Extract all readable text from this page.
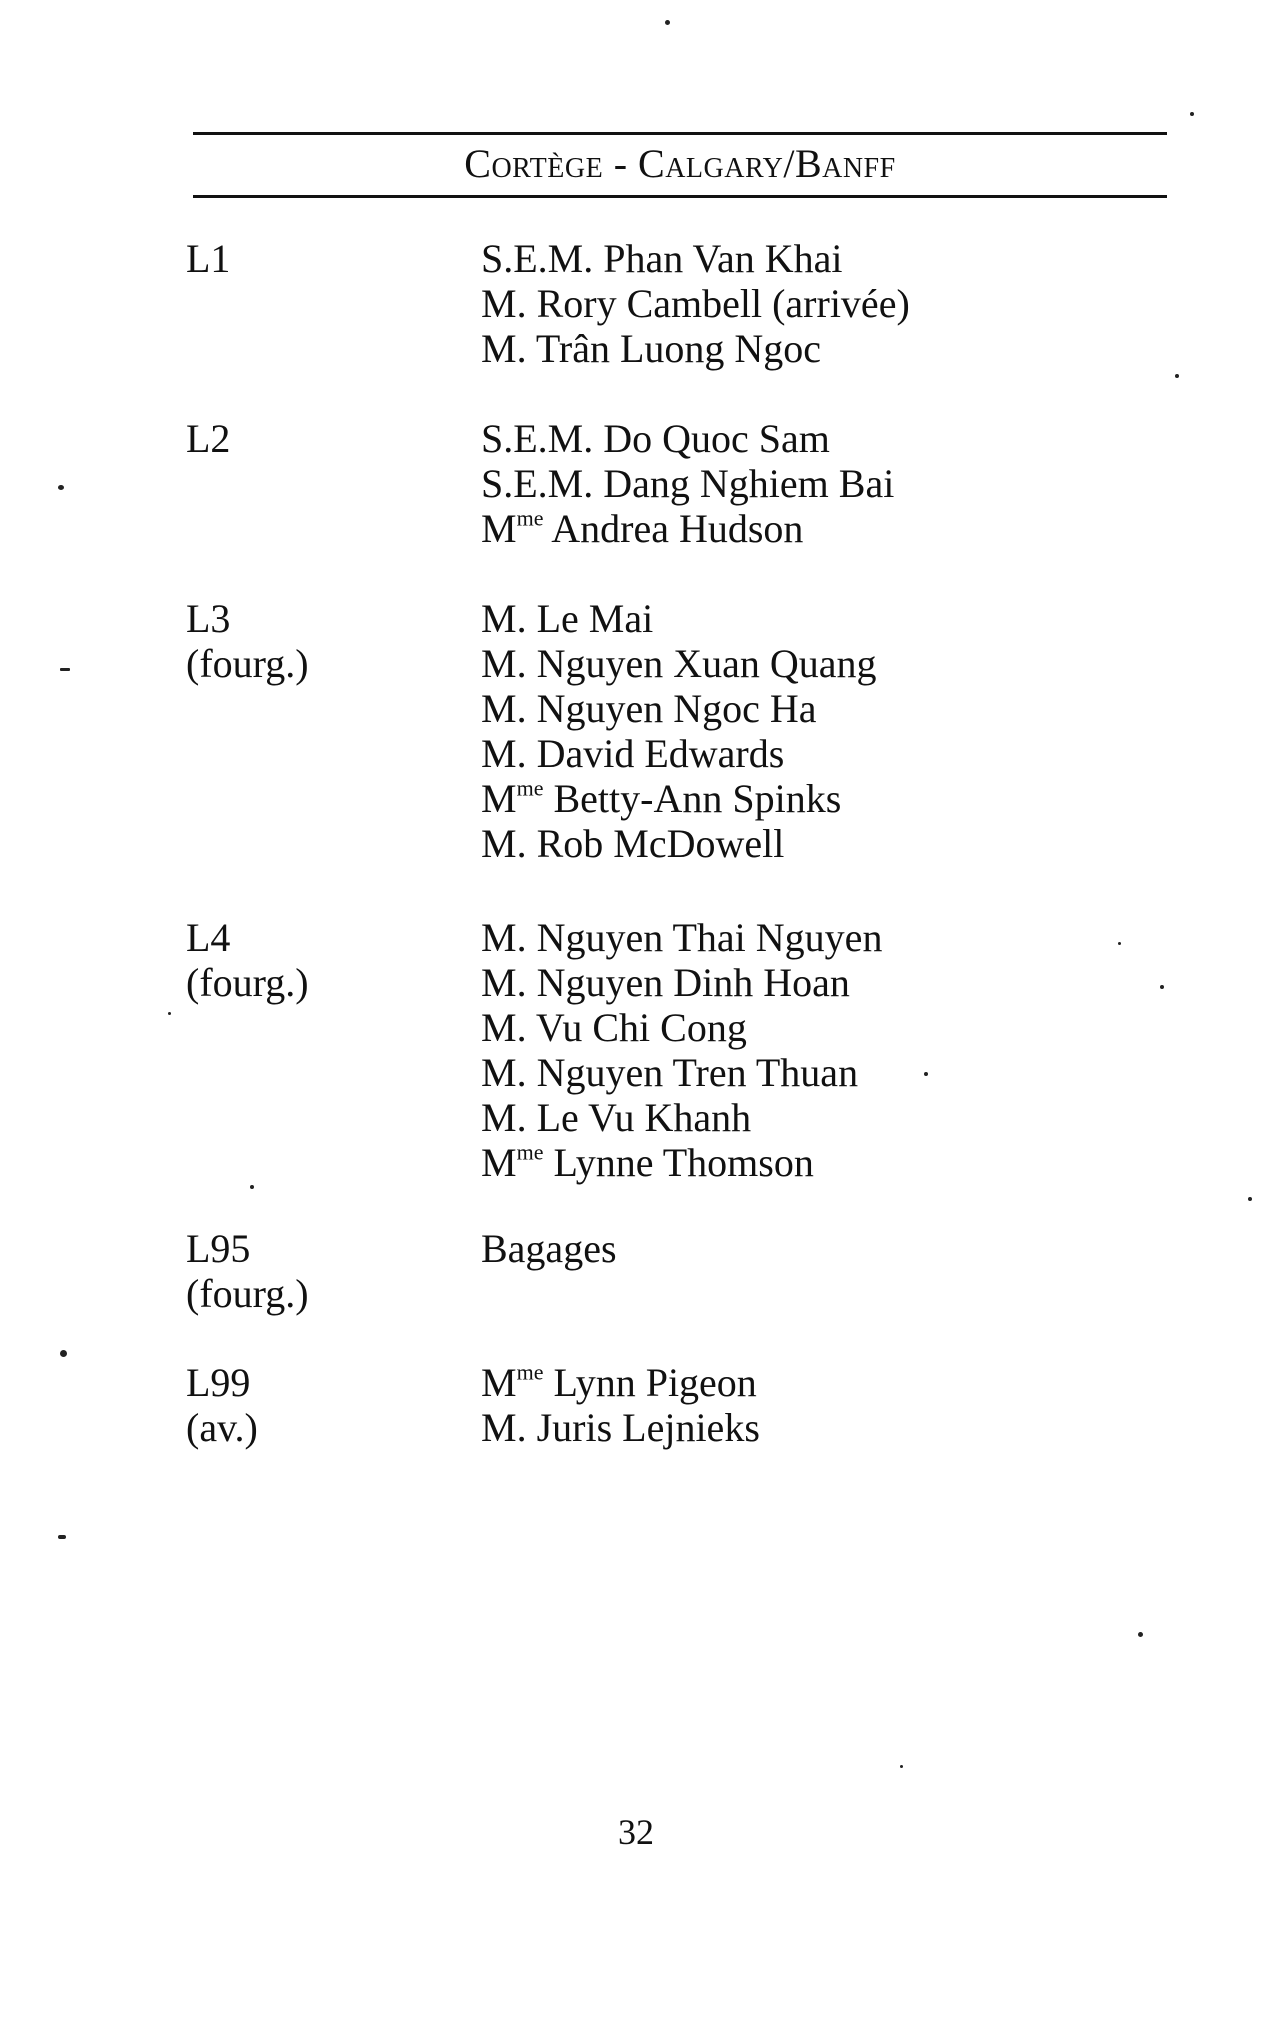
Cortège - Calgary/Banff
L1	S.E.M. Phan Van Khai
M. Rory Cambell (arrivée)
M. Trân Luong Ngoc
L2	S.E.M. Do Quoc Sam
S.E.M. Dang Nghiem Bai
$M^{me}$ Andrea Hudson
L3
(fourg.)
M. Le Mai
M. Nguyen Xuan Quang
M. Nguyen Ngoc Ha
M. David Edwards
$M^{me}$ Betty-Ann Spinks
M. Rob McDowell
L4
(fourg.)
M. Nguyen Thai Nguyen
M. Nguyen Dinh Hoan
M. Vu Chi Cong
M. Nguyen Tren Thuan
M. Le Vu Khanh
$M^{me}$ Lynne Thomson
L95
(fourg.)
Bagages
L99
(av.)
$M^{me}$ Lynn Pigeon
M. Juris Lejnieks
32
